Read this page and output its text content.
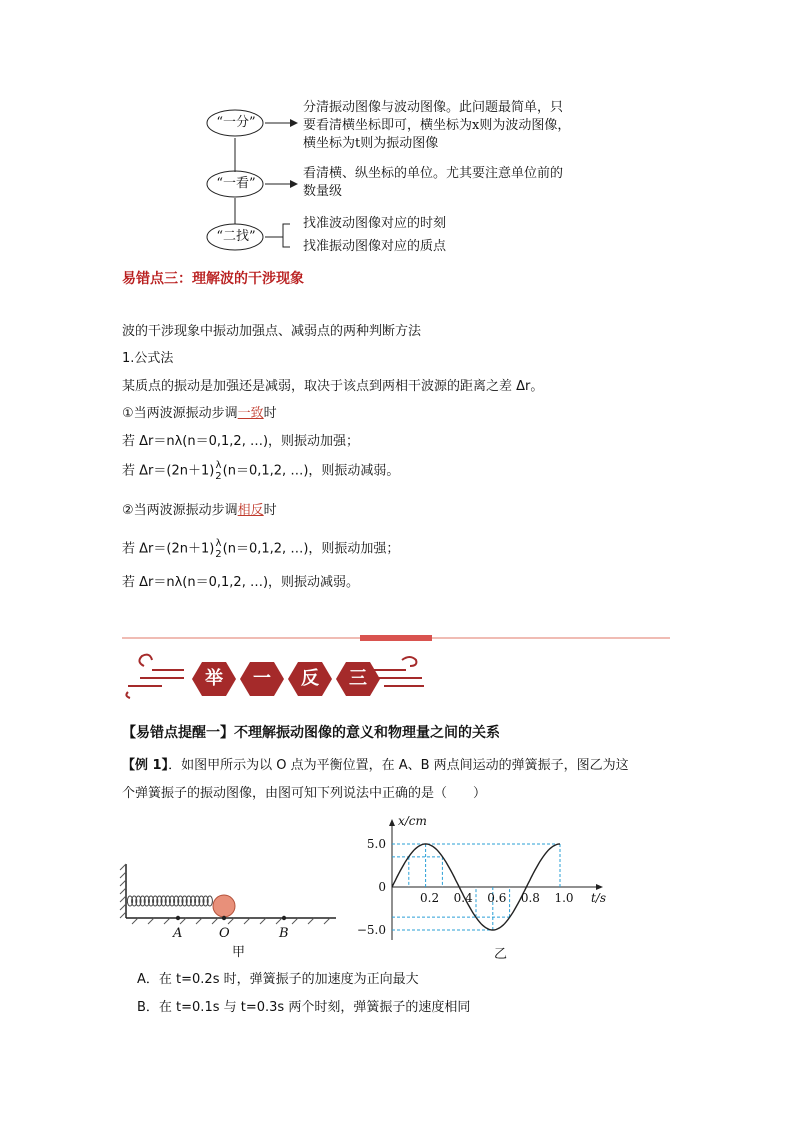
“一分”
“一看”
“二找”
分清振动图像与波动图像。此问题最简单，只
要看清横坐标即可，横坐标为x则为波动图像，
横坐标为t则为振动图像
看清横、纵坐标的单位。尤其要注意单位前的
数量级
找准波动图像对应的时刻
找准振动图像对应的质点
易错点三：理解波的干涉现象
波的干涉现象中振动加强点、减弱点的两种判断方法
1.公式法
某质点的振动是加强还是减弱，取决于该点到两相干波源的距离之差 Δr。
①当两波源振动步调一致时
若 Δr＝nλ(n＝0,1,2, …)，则振动加强；
若 Δr＝(2n＋1) λ
2 (n＝0,1,2, …)，则振动减弱。
②当两波源振动步调相反时
若 Δr＝(2n＋1) λ
2 (n＝0,1,2, …)，则振动加强；
若 Δr＝nλ(n＝0,1,2, …)，则振动减弱。
举	一	反	三
【易错点提醒一】不理解振动图像的意义和物理量之间的关系
【例 1】．如图甲所示为以 O 点为平衡位置，在 A、B 两点间运动的弹簧振子，图乙为这
个弹簧振子的振动图像，由图可知下列说法中正确的是（　　）
A	O	B
甲
0.2 0.4 0.6 0.8 1.0
5.0
0
−5.0
x/cm
t/s
乙
A．在 t=0.2s 时，弹簧振子的加速度为正向最大
B．在 t=0.1s 与 t=0.3s 两个时刻，弹簧振子的速度相同
